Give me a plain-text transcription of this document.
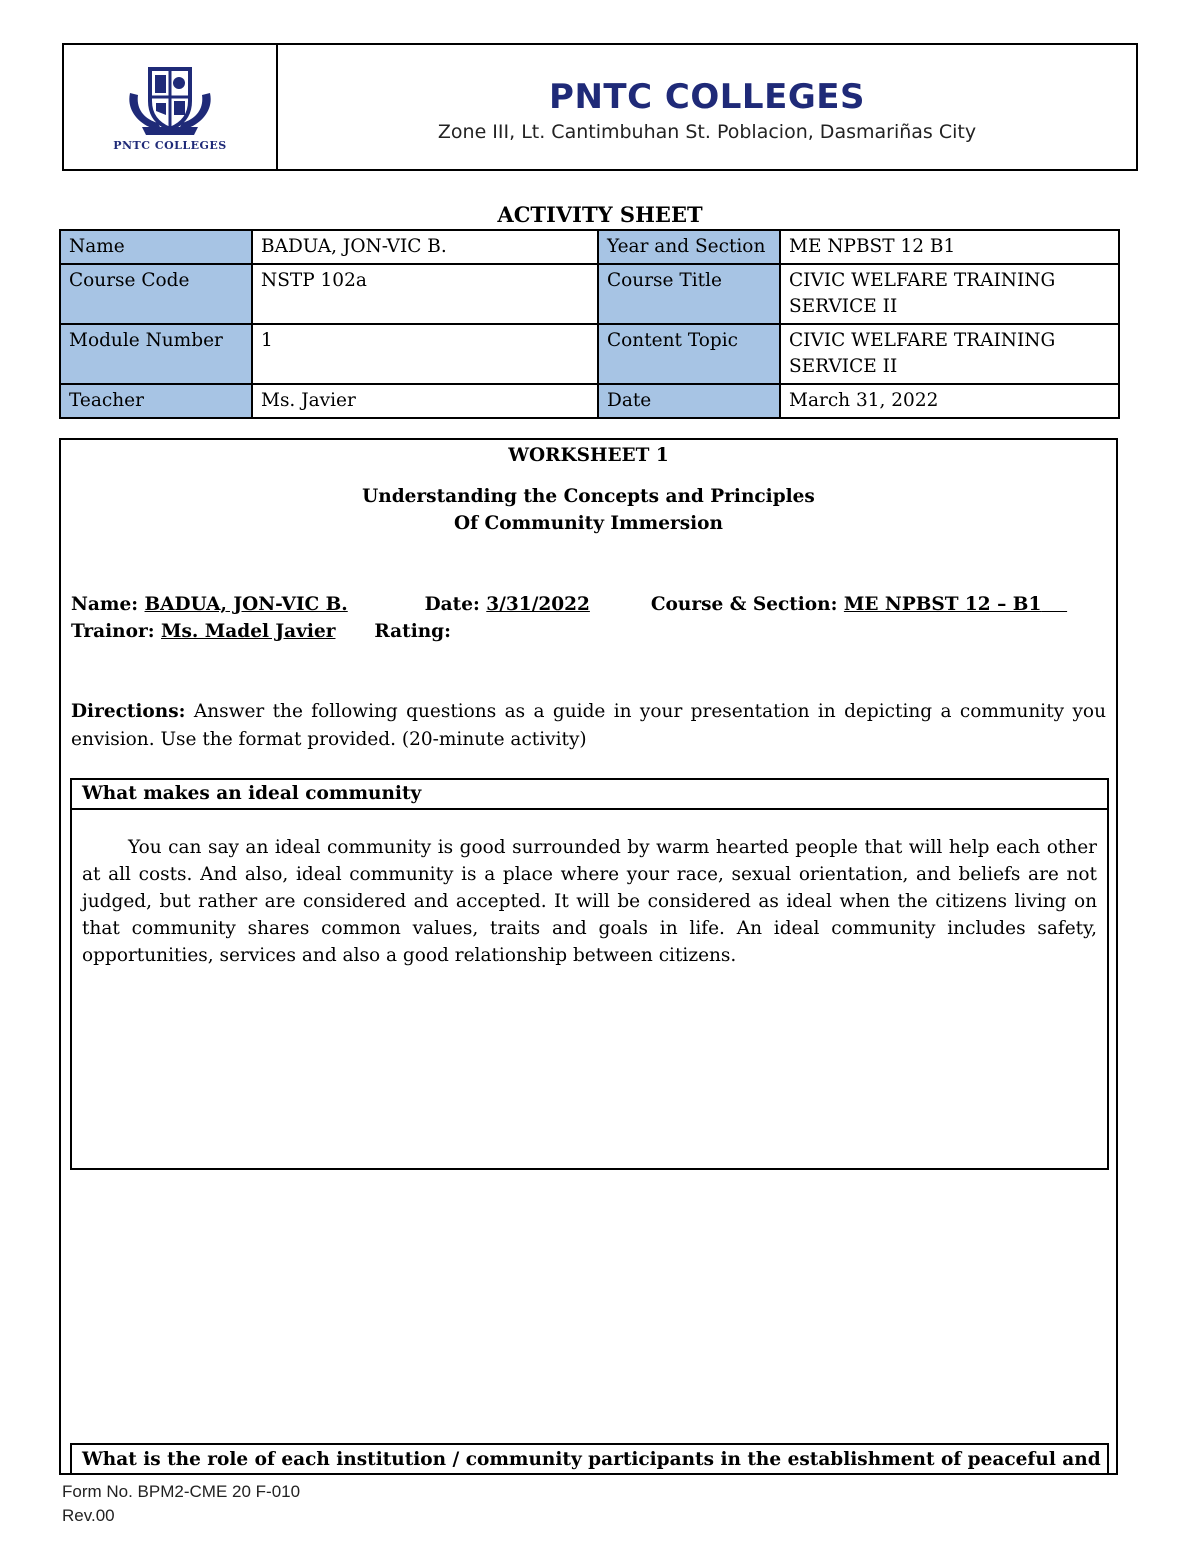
PNTC COLLEGES
PNTC COLLEGES
Zone III, Lt. Cantimbuhan St. Poblacion, Dasmariñas City
ACTIVITY SHEET
Name	BADUA, JON-VIC B.	Year and Section	ME NPBST 12 B1
Course Code	NSTP 102a	Course Title	CIVIC WELFARE TRAINING SERVICE II
Module Number	1	Content Topic	CIVIC WELFARE TRAINING SERVICE II
Teacher	Ms. Javier	Date	March 31, 2022
WORKSHEET 1
Understanding the Concepts and Principles
Of Community Immersion
Name: BADUA, JON-VIC B.	Date: 3/31/2022	Course & Section: ME NPBST 12 – B1
Trainor: Ms. Madel Javier Rating:
Directions: Answer the following questions as a guide in your presentation in depicting a community you envision. Use the format provided. (20-minute activity)
What makes an ideal community
You can say an ideal community is good surrounded by warm hearted people that will help each other at all costs. And also, ideal community is a place where your race, sexual orientation, and beliefs are not judged, but rather are considered and accepted. It will be considered as ideal when the citizens living on that community shares common values, traits and goals in life. An ideal community includes safety, opportunities, services and also a good relationship between citizens.
What is the role of each institution / community participants in the establishment of peaceful and
Form No. BPM2-CME 20 F-010
Rev.00
